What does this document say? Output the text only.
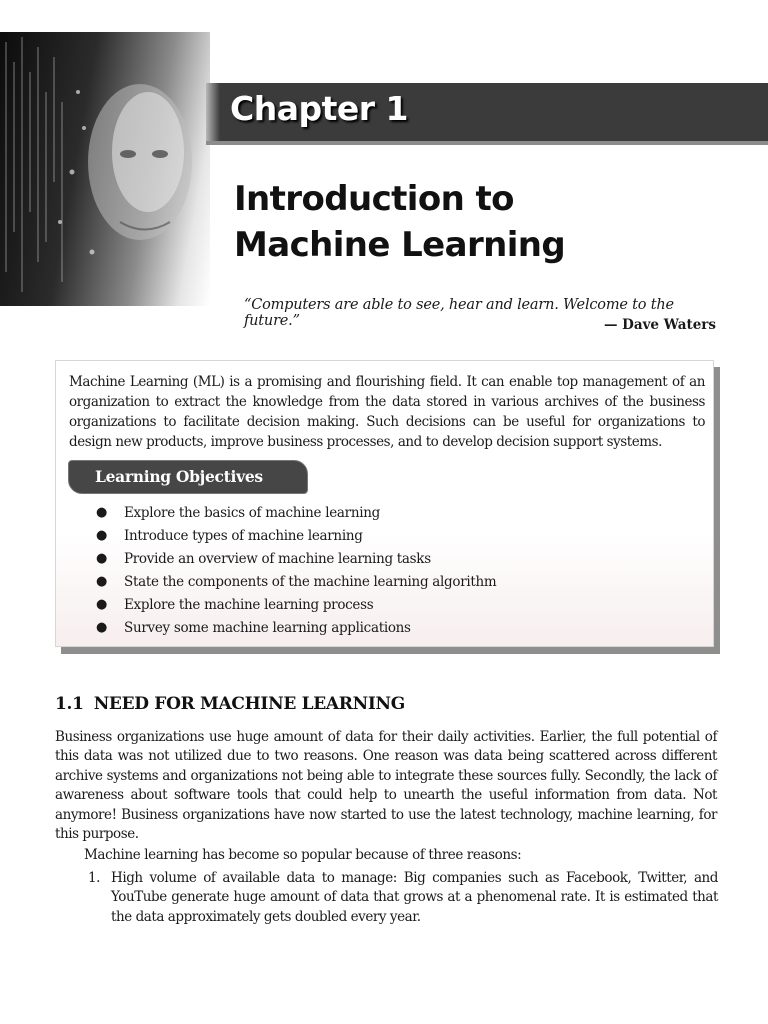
Chapter 1
Introduction to
Machine Learning
“Computers are able to see, hear and learn. Welcome to the future.”	— Dave Waters
Machine Learning (ML) is a promising and flourishing field. It can enable top management of an organization to extract the knowledge from the data stored in various archives of the business organizations to facilitate decision making. Such decisions can be useful for organizations to design new products, improve business processes, and to develop decision support systems.
Learning Objectives
● Explore the basics of machine learning
● Introduce types of machine learning
● Provide an overview of machine learning tasks
● State the components of the machine learning algorithm
● Explore the machine learning process
● Survey some machine learning applications
1.1 NEED FOR MACHINE LEARNING
Business organizations use huge amount of data for their daily activities. Earlier, the full potential of this data was not utilized due to two reasons. One reason was data being scattered across different archive systems and organizations not being able to integrate these sources fully. Secondly, the lack of awareness about software tools that could help to unearth the useful information from data. Not anymore! Business organizations have now started to use the latest technology, machine learning, for this purpose.
Machine learning has become so popular because of three reasons:
1. High volume of available data to manage: Big companies such as Facebook, Twitter, and YouTube generate huge amount of data that grows at a phenomenal rate. It is estimated that the data approximately gets doubled every year.
